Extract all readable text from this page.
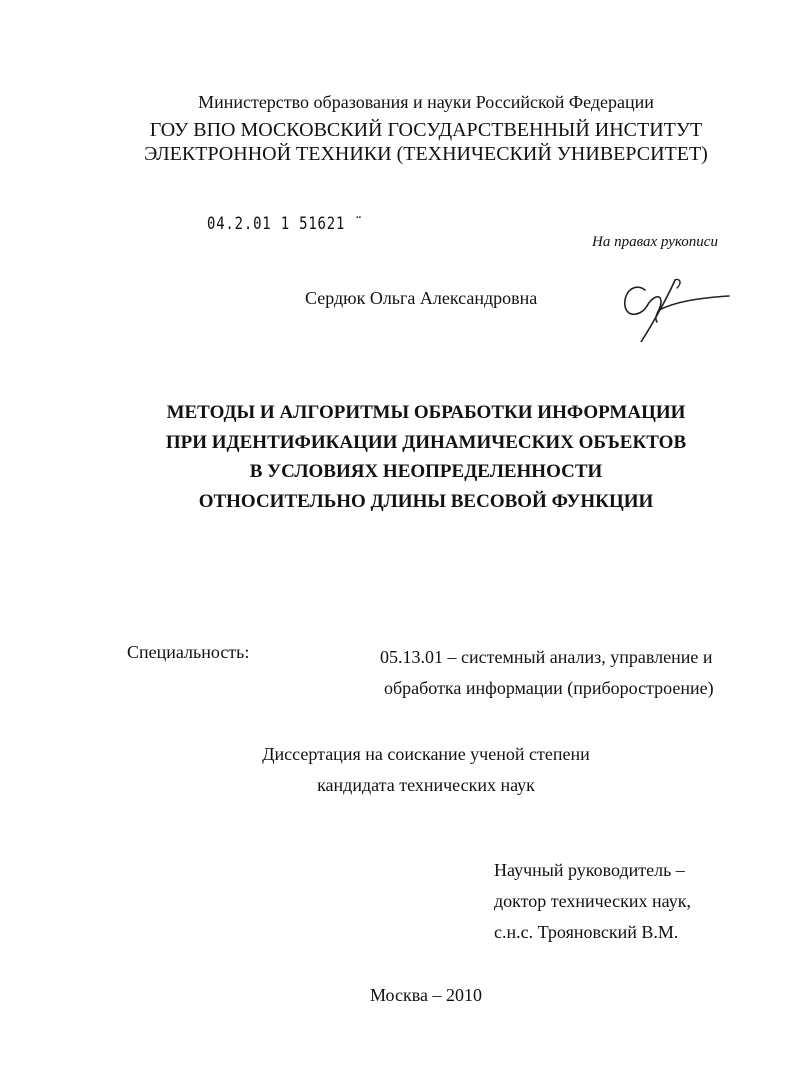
Министерство образования и науки Российской Федерации
ГОУ ВПО МОСКОВСКИЙ ГОСУДАРСТВЕННЫЙ ИНСТИТУТ
ЭЛЕКТРОННОЙ ТЕХНИКИ (ТЕХНИЧЕСКИЙ УНИВЕРСИТЕТ)
04.2.01 1 51621 ¨
На правах рукописи
Сердюк Ольга Александровна
МЕТОДЫ И АЛГОРИТМЫ ОБРАБОТКИ ИНФОРМАЦИИ
ПРИ ИДЕНТИФИКАЦИИ ДИНАМИЧЕСКИХ ОБЪЕКТОВ
В УСЛОВИЯХ НЕОПРЕДЕЛЕННОСТИ
ОТНОСИТЕЛЬНО ДЛИНЫ ВЕСОВОЙ ФУНКЦИИ
Специальность:	05.13.01 – системный анализ, управление и
обработка информации (приборостроение)
Диссертация на соискание ученой степени
кандидата технических наук
Научный руководитель –
доктор технических наук,
с.н.с. Трояновский В.М.
Москва – 2010
